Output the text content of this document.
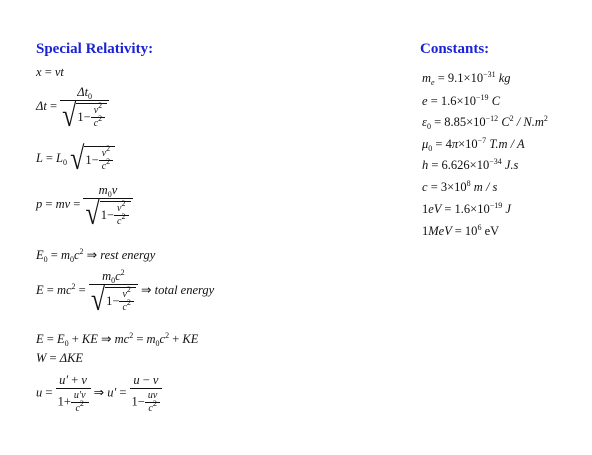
Special Relativity:	Constants:
x = vt
$\Delta t = \frac{\Delta t_0}{√ 1- \frac{v^2}{c^2}}$
$L = L_0$ √ $1- \frac{v^2}{c^2}$
p = mv = $\frac{m_0v}{√ 1- \frac{v^2}{c^2}}$
$E_0 = m_0c^2$ ⇒ rest energy
$E = mc^2 = \frac{m_0c^2}{√ 1- \frac{v^2}{c^2}}$ ⇒ total energy
$E = E_0$ + KE ⇒ $mc^2 = m_0c^2$ + KE
W = ΔKE
$u = \frac{u' + v}{1+ \frac{u'v}{c^2}}$ ⇒ $u' = \frac{u - v}{1- \frac{uv}{c^2}}$
$m_e = 9.1\times 10^{-31}$ kg
$e = 1.6\times 10^{-19}$ C
$\varepsilon_0 = 8.85\times 10^{-12}$ $C^2 / N.m^2$
$\mu_0 = 4\pi\times 10^{-7}$ T.m / A
$h = 6.626\times 10^{-34}$ J.s
$c = 3\times 10^8$ m / s
$1eV = 1.6\times 10^{-19}$ J
$1MeV = 10^6$ eV
